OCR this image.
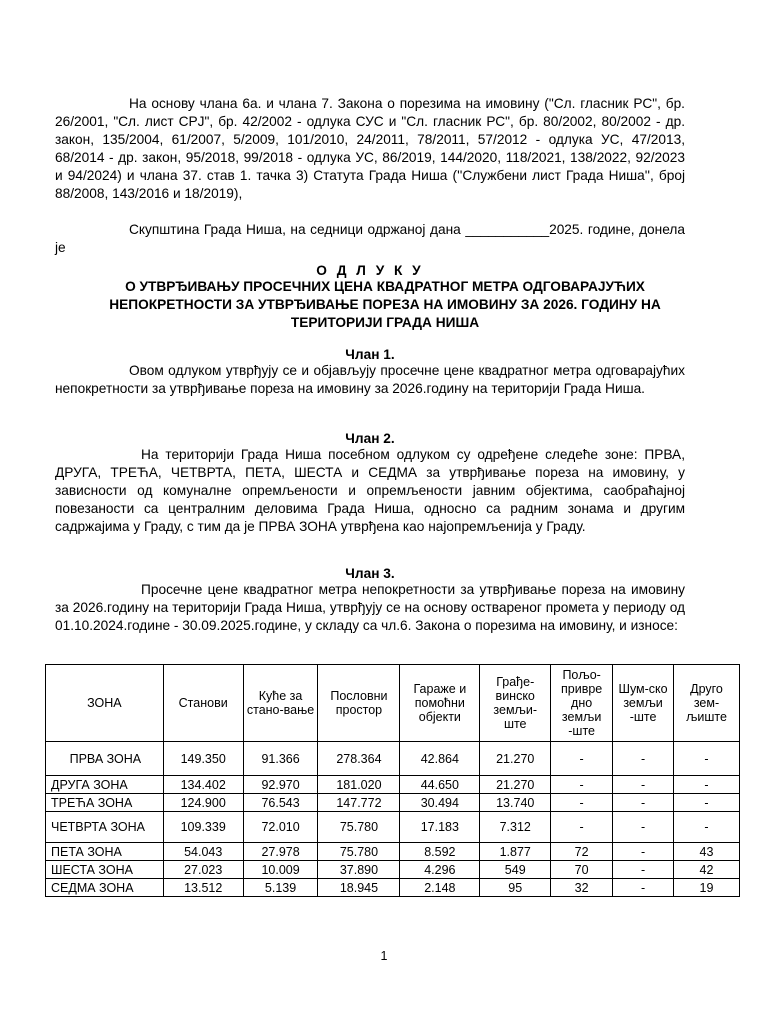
На основу члана 6а. и члана 7. Закона о порезима на имовину ("Сл. гласник РС", бр. 26/2001, "Сл. лист СРЈ", бр. 42/2002 - одлука СУС и "Сл. гласник РС", бр. 80/2002, 80/2002 - др. закон, 135/2004, 61/2007, 5/2009, 101/2010, 24/2011, 78/2011, 57/2012 - одлука УС, 47/2013, 68/2014 - др. закон, 95/2018, 99/2018 - одлука УС, 86/2019, 144/2020, 118/2021, 138/2022, 92/2023 и 94/2024) и члана 37. став 1. тачка 3) Статута Града Ниша (''Службени лист Града Ниша'', број 88/2008, 143/2016 и 18/2019),

Скупштина Града Ниша, на седници одржаној дана ___________2025. године, донела је

О Д Л У К У

О УТВРЂИВАЊУ ПРОСЕЧНИХ ЦЕНА КВАДРАТНОГ МЕТРА ОДГОВАРАЈУЋИХ НЕПОКРЕТНОСТИ ЗА УТВРЂИВАЊЕ ПОРЕЗА НА ИМОВИНУ ЗА 2026. ГОДИНУ НА ТЕРИТОРИЈИ ГРАДА НИША

Члан 1.

Овом одлуком утврђују се и објављују просечне цене квадратног метра одговарајућих непокретности за утврђивање пореза на имовину за 2026.годину на територији Града Ниша.

Члан 2.

На територији Града Ниша посебном одлуком су одређене следеће зоне: ПРВА, ДРУГА, ТРЕЋА, ЧЕТВРТА, ПЕТА, ШЕСТА и СЕДМА за утврђивање пореза на имовину, у зависности од комуналне опремљености и опремљености јавним објектима, саобраћајној повезаности са централним деловима Града Ниша, односно са радним зонама и другим садржајима у Граду, с тим да је ПРВА ЗОНА утврђена као најопремљенија у Граду.

Члан 3.

Просечне цене квадратног метра непокретности за утврђивање пореза на имовину за 2026.годину на територији Града Ниша, утврђују се на основу оствареног промета у периоду од 01.10.2024.године - 30.09.2025.године, у складу са чл.6. Закона о порезима на имовину, и износе:

ЗОНА	Станови	Куће за стано-вање	Пословни простор	Гараже и помоћни објекти	Грађе-винско земљи-ште	Пољо-привре дно земљи -ште	Шум-ско земљи -ште	Друго зем-љиште
ПРВА ЗОНА	149.350	91.366	278.364	42.864	21.270	-	-	-
ДРУГА ЗОНА	134.402	92.970	181.020	44.650	21.270	-	-	-
ТРЕЋА ЗОНА	124.900	76.543	147.772	30.494	13.740	-	-	-
ЧЕТВРТА ЗОНА	109.339	72.010	75.780	17.183	7.312	-	-	-
ПЕТА ЗОНА	54.043	27.978	75.780	8.592	1.877	72	-	43
ШЕСТА ЗОНА	27.023	10.009	37.890	4.296	549	70	-	42
СЕДМА ЗОНА	13.512	5.139	18.945	2.148	95	32	-	19
1
